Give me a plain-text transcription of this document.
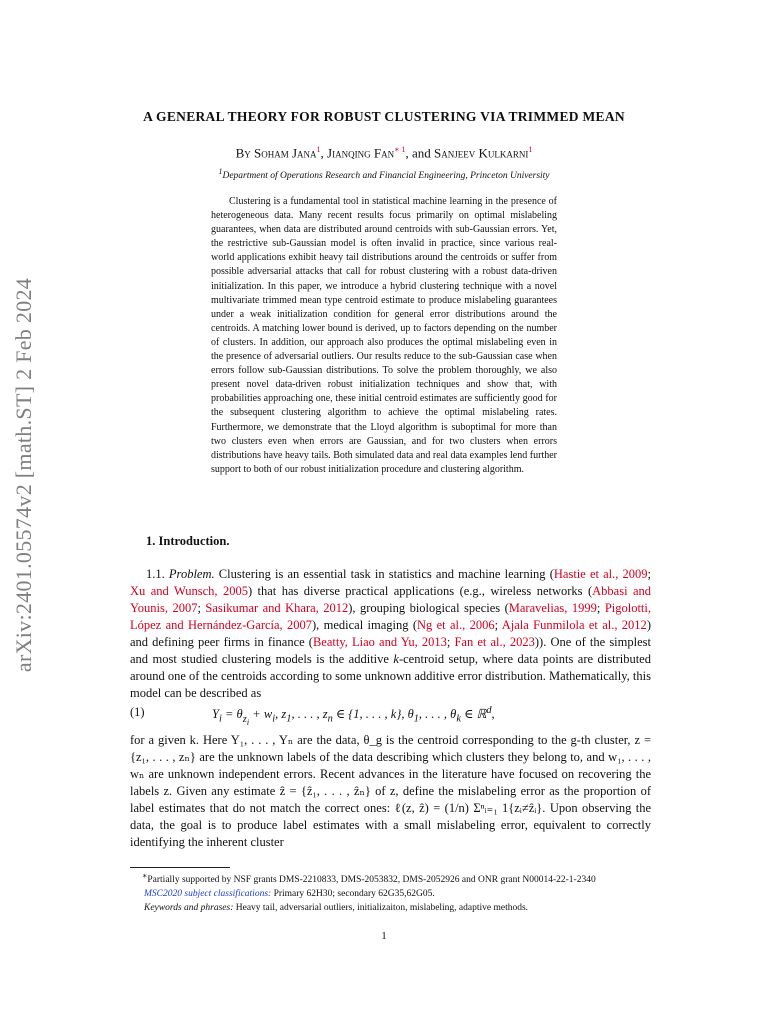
arXiv:2401.05574v2 [math.ST] 2 Feb 2024
A GENERAL THEORY FOR ROBUST CLUSTERING VIA TRIMMED MEAN
By Soham Jana$^1$, Jianqing Fan$^{∗ 1}$, and Sanjeev Kulkarni$^1$
$^1$Department of Operations Research and Financial Engineering, Princeton University
Clustering is a fundamental tool in statistical machine learning in the presence of heterogeneous data. Many recent results focus primarily on optimal mislabeling guarantees, when data are distributed around centroids with sub-Gaussian errors. Yet, the restrictive sub-Gaussian model is often invalid in practice, since various real-world applications exhibit heavy tail distributions around the centroids or suffer from possible adversarial attacks that call for robust clustering with a robust data-driven initialization. In this paper, we introduce a hybrid clustering technique with a novel multivariate trimmed mean type centroid estimate to produce mislabeling guarantees under a weak initialization condition for general error distributions around the centroids. A matching lower bound is derived, up to factors depending on the number of clusters. In addition, our approach also produces the optimal mislabeling even in the presence of adversarial outliers. Our results reduce to the sub-Gaussian case when errors follow sub-Gaussian distributions. To solve the problem thoroughly, we also present novel data-driven robust initialization techniques and show that, with probabilities approaching one, these initial centroid estimates are sufficiently good for the subsequent clustering algorithm to achieve the optimal mislabeling rates. Furthermore, we demonstrate that the Lloyd algorithm is suboptimal for more than two clusters even when errors are Gaussian, and for two clusters when errors distributions have heavy tails. Both simulated data and real data examples lend further support to both of our robust initialization procedure and clustering algorithm.
1. Introduction.
1.1. Problem. Clustering is an essential task in statistics and machine learning (Hastie et al., 2009; Xu and Wunsch, 2005) that has diverse practical applications (e.g., wireless networks (Abbasi and Younis, 2007; Sasikumar and Khara, 2012), grouping biological species (Maravelias, 1999; Pigolotti, López and Hernández-García, 2007), medical imaging (Ng et al., 2006; Ajala Funmilola et al., 2012) and defining peer firms in finance (Beatty, Liao and Yu, 2013; Fan et al., 2023)). One of the simplest and most studied clustering models is the additive k-centroid setup, where data points are distributed around one of the centroids according to some unknown additive error distribution. Mathematically, this model can be described as
(1)	$Y_i = \theta_{z_i} + w_i$, $z_1$, . . . , $z_n$ ∈ {1, . . . , k}, $\theta_1$, . . . , $\theta_k$ ∈ ℝ$^d$,
for a given k. Here Y₁, . . . , Yₙ are the data, θ_g is the centroid corresponding to the g-th cluster, z = {z₁, . . . , zₙ} are the unknown labels of the data describing which clusters they belong to, and w₁, . . . , wₙ are unknown independent errors. Recent advances in the literature have focused on recovering the labels z. Given any estimate ẑ = {ẑ₁, . . . , ẑₙ} of z, define the mislabeling error as the proportion of label estimates that do not match the correct ones: ℓ(z, ẑ) = (1/n) Σⁿᵢ₌₁ 1{zᵢ≠ẑᵢ}. Upon observing the data, the goal is to produce label estimates with a small mislabeling error, equivalent to correctly identifying the inherent cluster
∗Partially supported by NSF grants DMS-2210833, DMS-2053832, DMS-2052926 and ONR grant N00014-22-1-2340
MSC2020 subject classifications: Primary 62H30; secondary 62G35,62G05.
Keywords and phrases: Heavy tail, adversarial outliers, initializaiton, mislabeling, adaptive methods.
1
